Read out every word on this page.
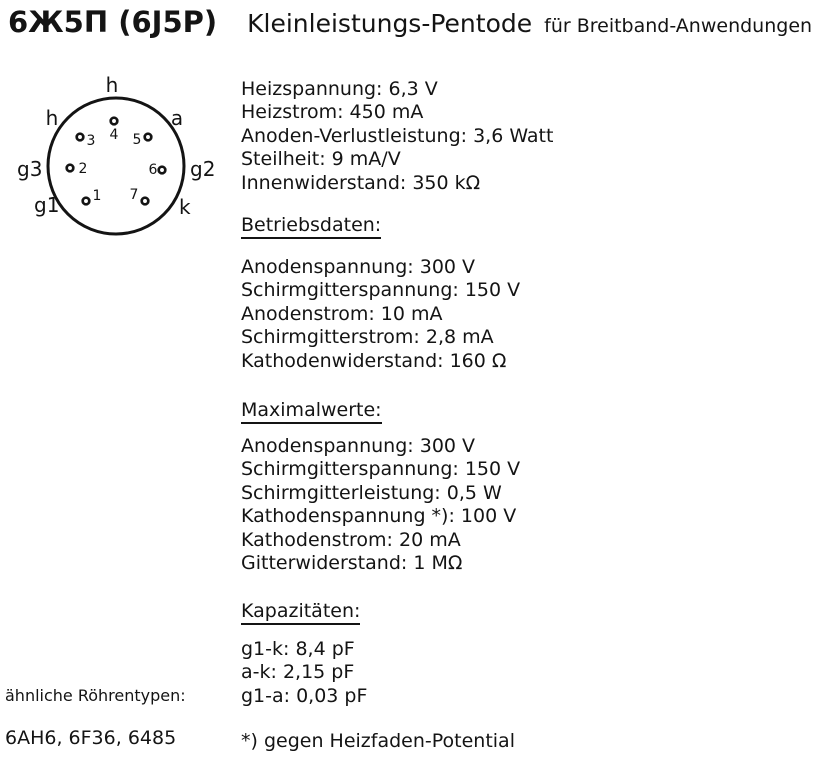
6Ж5П (6J5P) Kleinleistungs-Pentode für Breitband-Anwendungen
1
2
3 4 5
6
7
h
h	a
g3	g2
g1	k

Heizspannung: 6,3 V

Heizstrom: 450 mA

Anoden-Verlustleistung: 3,6 Watt

Steilheit: 9 mA/V

Innenwiderstand: 350 kΩ

Betriebsdaten:

Anodenspannung: 300 V

Schirmgitterspannung: 150 V

Anodenstrom: 10 mA

Schirmgitterstrom: 2,8 mA

Kathodenwiderstand: 160 Ω

Maximalwerte:

Anodenspannung: 300 V

Schirmgitterspannung: 150 V

Schirmgitterleistung: 0,5 W

Kathodenspannung *): 100 V

Kathodenstrom: 20 mA

Gitterwiderstand: 1 MΩ

Kapazitäten:

g1-k: 8,4 pF

a-k: 2,15 pF

g1-a: 0,03 pF

*) gegen Heizfaden-Potential
ähnliche Röhrentypen:
6AH6, 6F36, 6485
